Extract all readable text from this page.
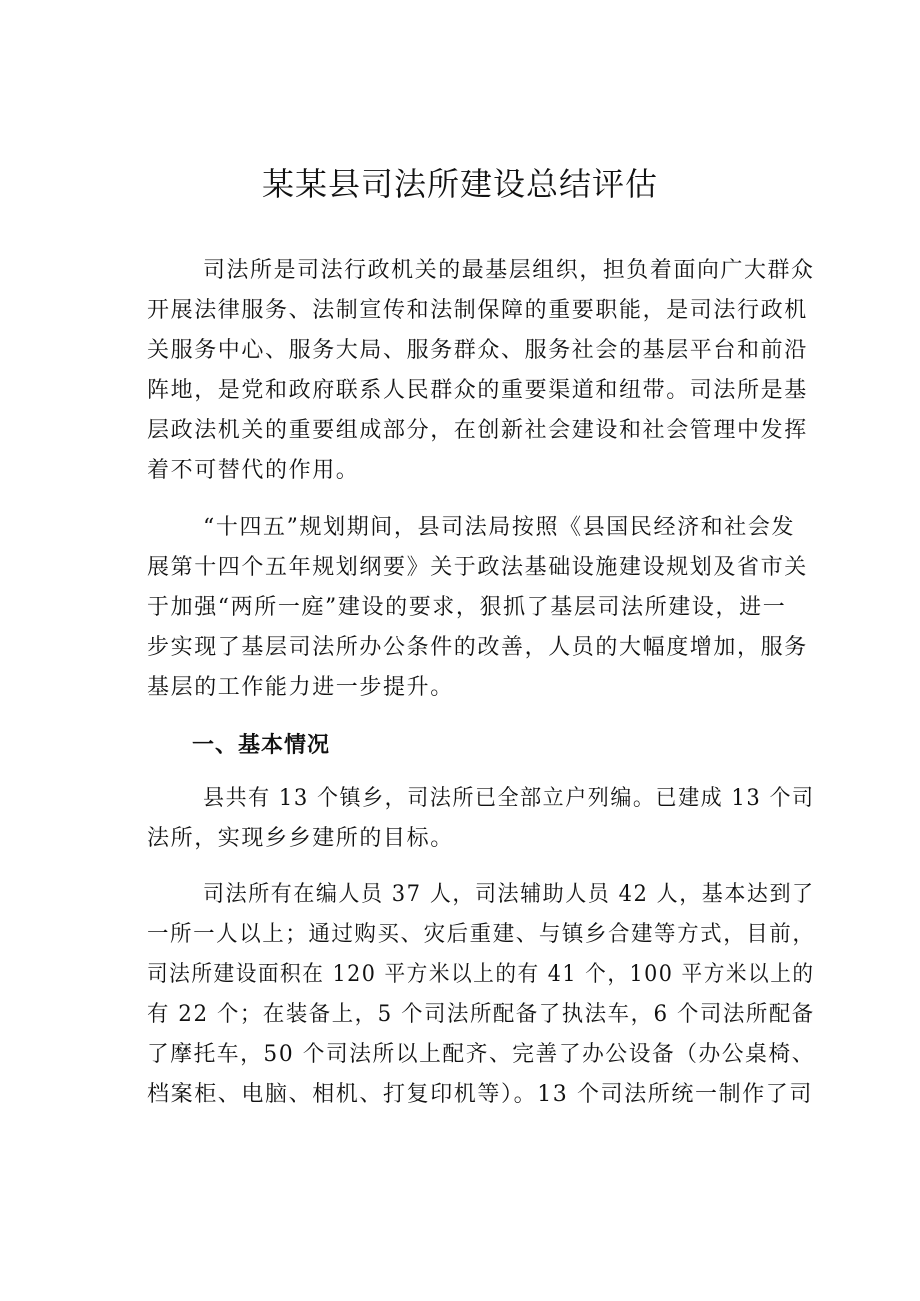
某某县司法所建设总结评估
司法所是司法行政机关的最基层组织，担负着面向广大群众
开展法律服务、法制宣传和法制保障的重要职能，是司法行政机
关服务中心、服务大局、服务群众、服务社会的基层平台和前沿
阵地，是党和政府联系人民群众的重要渠道和纽带。司法所是基
层政法机关的重要组成部分，在创新社会建设和社会管理中发挥
着不可替代的作用。
“十四五”规划期间，县司法局按照《县国民经济和社会发
展第十四个五年规划纲要》关于政法基础设施建设规划及省市关
于加强“两所一庭”建设的要求，狠抓了基层司法所建设，进一
步实现了基层司法所办公条件的改善，人员的大幅度增加，服务
基层的工作能力进一步提升。
一、基本情况
县共有 13 个镇乡，司法所已全部立户列编。已建成 13 个司
法所，实现乡乡建所的目标。
司法所有在编人员 37 人，司法辅助人员 42 人，基本达到了
一所一人以上；通过购买、灾后重建、与镇乡合建等方式，目前，
司法所建设面积在 120 平方米以上的有 41 个，100 平方米以上的
有 22 个；在装备上，5 个司法所配备了执法车，6 个司法所配备
了摩托车，50 个司法所以上配齐、完善了办公设备（办公桌椅、
档案柜、电脑、相机、打复印机等）。13 个司法所统一制作了司
